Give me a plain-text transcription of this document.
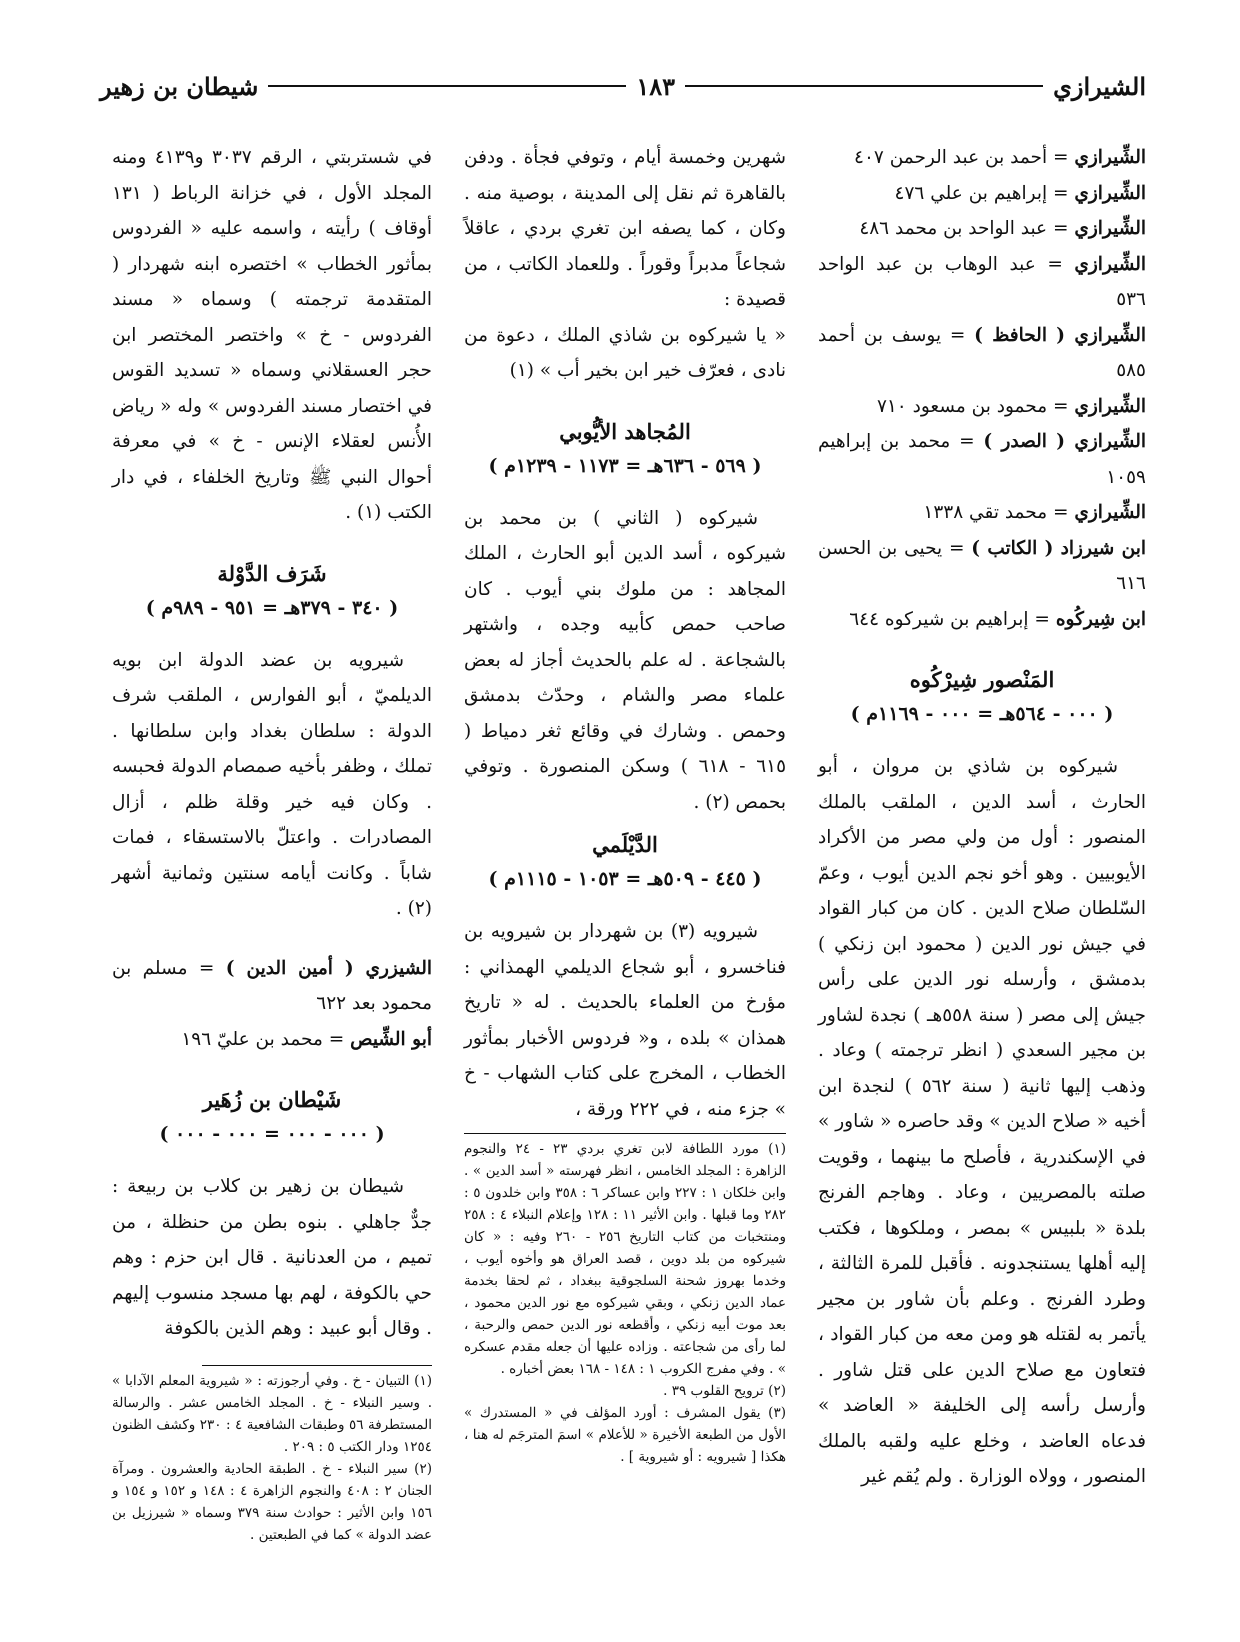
الشيرازي
١٨٣
شيطان بن زهير

الشِّيرازي = أحمد بن عبد الرحمن ٤٠٧

الشِّيرازي = إبراهيم بن علي ٤٧٦

الشِّيرازي = عبد الواحد بن محمد ٤٨٦

الشِّيرازي = عبد الوهاب بن عبد الواحد ٥٣٦

الشِّيرازي ( الحافظ ) = يوسف بن أحمد ٥٨٥

الشِّيرازي = محمود بن مسعود ٧١٠

الشِّيرازي ( الصدر ) = محمد بن إبراهيم ١٠٥٩

الشِّيرازي = محمد تقي ١٣٣٨

ابن شيرزاد ( الكاتب ) = يحيى بن الحسن ٦١٦

ابن شِيركُوه = إبراهيم بن شيركوه ٦٤٤

المَنْصور شِيرْكُوه
( ٠٠٠ - ٥٦٤هـ = ٠٠٠ - ١١٦٩م )

شيركوه بن شاذي بن مروان ، أبو الحارث ، أسد الدين ، الملقب بالملك المنصور : أول من ولي مصر من الأكراد الأيوبيين . وهو أخو نجم الدين أيوب ، وعمّ السّلطان صلاح الدين . كان من كبار القواد في جيش نور الدين ( محمود ابن زنكي ) بدمشق ، وأرسله نور الدين على رأس جيش إلى مصر ( سنة ٥٥٨هـ ) نجدة لشاور بن مجير السعدي ( انظر ترجمته ) وعاد . وذهب إليها ثانية ( سنة ٥٦٢ ) لنجدة ابن أخيه « صلاح الدين » وقد حاصره « شاور » في الإسكندرية ، فأصلح ما بينهما ، وقويت صلته بالمصريين ، وعاد . وهاجم الفرنج بلدة « بلبيس » بمصر ، وملكوها ، فكتب إليه أهلها يستنجدونه . فأقبل للمرة الثالثة ، وطرد الفرنج . وعلم بأن شاور بن مجير يأتمر به لقتله هو ومن معه من كبار القواد ، فتعاون مع صلاح الدين على قتل شاور . وأرسل رأسه إلى الخليفة « العاضد » فدعاه العاضد ، وخلع عليه ولقبه بالملك المنصور ، وولاه الوزارة . ولم يُقم غير

شهرين وخمسة أيام ، وتوفي فجأة . ودفن بالقاهرة ثم نقل إلى المدينة ، بوصية منه . وكان ، كما يصفه ابن تغري بردي ، عاقلاً شجاعاً مدبراً وقوراً . وللعماد الكاتب ، من قصيدة :

« يا شيركوه بن شاذي الملك ، دعوة من نادى ، فعرّف خير ابن بخير أب » (١)

المُجاهد الأيُّوبي
( ٥٦٩ - ٦٣٦هـ = ١١٧٣ - ١٢٣٩م )

شيركوه ( الثاني ) بن محمد بن شيركوه ، أسد الدين أبو الحارث ، الملك المجاهد : من ملوك بني أيوب . كان صاحب حمص كأبيه وجده ، واشتهر بالشجاعة . له علم بالحديث أجاز له بعض علماء مصر والشام ، وحدّث بدمشق وحمص . وشارك في وقائع ثغر دمياط ( ٦١٥ - ٦١٨ ) وسكن المنصورة . وتوفي بحمص (٢) .

الدَّيْلَمي
( ٤٤٥ - ٥٠٩هـ = ١٠٥٣ - ١١١٥م )

شيرويه (٣) بن شهردار بن شيرويه بن فناخسرو ، أبو شجاع الديلمي الهمذاني : مؤرخ من العلماء بالحديث . له « تاريخ همذان » بلده ، و« فردوس الأخبار بمأثور الخطاب ، المخرج على كتاب الشهاب - خ » جزء منه ، في ٢٢٢ ورقة ،

(١) مورد اللطافة لابن تغري بردي ٢٣ - ٢٤ والنجوم الزاهرة : المجلد الخامس ، انظر فهرسته « أسد الدين » . وابن خلكان ١ : ٢٢٧ وابن عساكر ٦ : ٣٥٨ وابن خلدون ٥ : ٢٨٢ وما قبلها . وابن الأثير ١١ : ١٢٨ وإعلام النبلاء ٤ : ٢٥٨ ومنتخبات من كتاب التاريخ ٢٥٦ - ٢٦٠ وفيه : « كان شيركوه من بلد دوين ، قصد العراق هو وأخوه أيوب ، وخدما بهروز شحنة السلجوقية ببغداد ، ثم لحقا بخدمة عماد الدين زنكي ، وبقي شيركوه مع نور الدين محمود ، بعد موت أبيه زنكي ، وأقطعه نور الدين حمص والرحبة ، لما رأى من شجاعته . وزاده عليها أن جعله مقدم عسكره » . وفي مفرج الكروب ١ : ١٤٨ - ١٦٨ بعض أخباره .

(٢) ترويح القلوب ٣٩ .

(٣) يقول المشرف : أورد المؤلف في « المستدرك » الأول من الطبعة الأخيرة « للأعلام » اسمَ المترجَم له هنا ، هكذا [ شيرويه : أو شيروية ] .

في شستربتي ، الرقم ٣٠٣٧ و٤١٣٩ ومنه المجلد الأول ، في خزانة الرباط ( ١٣١ أوقاف ) رأيته ، واسمه عليه « الفردوس بمأثور الخطاب » اختصره ابنه شهردار ( المتقدمة ترجمته ) وسماه « مسند الفردوس - خ » واختصر المختصر ابن حجر العسقلاني وسماه « تسديد القوس في اختصار مسند الفردوس » وله « رياض الأُنس لعقلاء الإنس - خ » في معرفة أحوال النبي ﷺ وتاريخ الخلفاء ، في دار الكتب (١) .

شَرَف الدَّوْلة
( ٣٤٠ - ٣٧٩هـ = ٩٥١ - ٩٨٩م )

شيرويه بن عضد الدولة ابن بويه الديلميّ ، أبو الفوارس ، الملقب شرف الدولة : سلطان بغداد وابن سلطانها . تملك ، وظفر بأخيه صمصام الدولة فحبسه . وكان فيه خير وقلة ظلم ، أزال المصادرات . واعتلّ بالاستسقاء ، فمات شاباً . وكانت أيامه سنتين وثمانية أشهر (٢) .

الشيزري ( أمين الدين ) = مسلم بن محمود بعد ٦٢٢

أبو الشِّيص = محمد بن عليّ ١٩٦

شَيْطان بن زُهَير
( ٠٠٠ - ٠٠٠ = ٠٠٠ - ٠٠٠ )

شيطان بن زهير بن كلاب بن ربيعة : جدٌّ جاهلي . بنوه بطن من حنظلة ، من تميم ، من العدنانية . قال ابن حزم : وهم حي بالكوفة ، لهم بها مسجد منسوب إليهم . وقال أبو عبيد : وهم الذين بالكوفة

(١) التبيان - خ . وفي أرجوزته : « شيروية المعلم الآدابا » . وسير النبلاء - خ . المجلد الخامس عشر . والرسالة المستطرفة ٥٦ وطبقات الشافعية ٤ : ٢٣٠ وكشف الظنون ١٢٥٤ ودار الكتب ٥ : ٢٠٩ .

(٢) سير النبلاء - خ . الطبقة الحادية والعشرون . ومرآة الجنان ٢ : ٤٠٨ والنجوم الزاهرة ٤ : ١٤٨ و ١٥٢ و ١٥٤ و ١٥٦ وابن الأثير : حوادث سنة ٣٧٩ وسماه « شيرزيل بن عضد الدولة » كما في الطبعتين .
